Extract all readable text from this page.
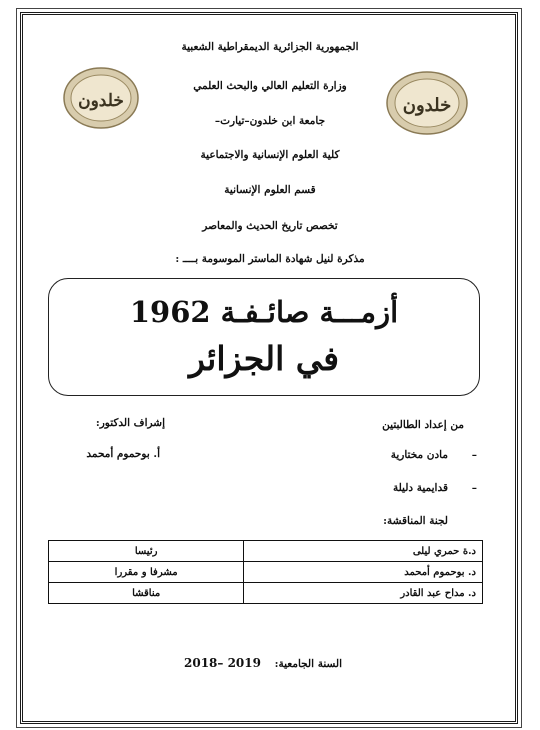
خلدون	خلدون
الجمهورية الجزائرية الديمقراطية الشعبية
وزارة التعليم العالي والبحث العلمي
جامعة ابن خلدون–تيارت–
كلية العلوم الإنسانية والاجتماعية
قسم العلوم الإنسانية
تخصص تاريخ الحديث والمعاصر
مذكرة لنيل شهادة الماستر الموسومة بــــ :
أزمـــة صائـفـة 1962
في الجزائر
من إعداد الطالبتين
–
مادن مختارية
–
قدايمية دليلة
إشراف الدكتور:
أ. بوحموم أمحمد
لجنة المناقشة:
د.ة حمري ليلى	رئيسا
د. بوحموم أمحمد	مشرفا و مقررا
د. مداح عبد القادر	مناقشا
السنة الجامعية:
2018– 2019
